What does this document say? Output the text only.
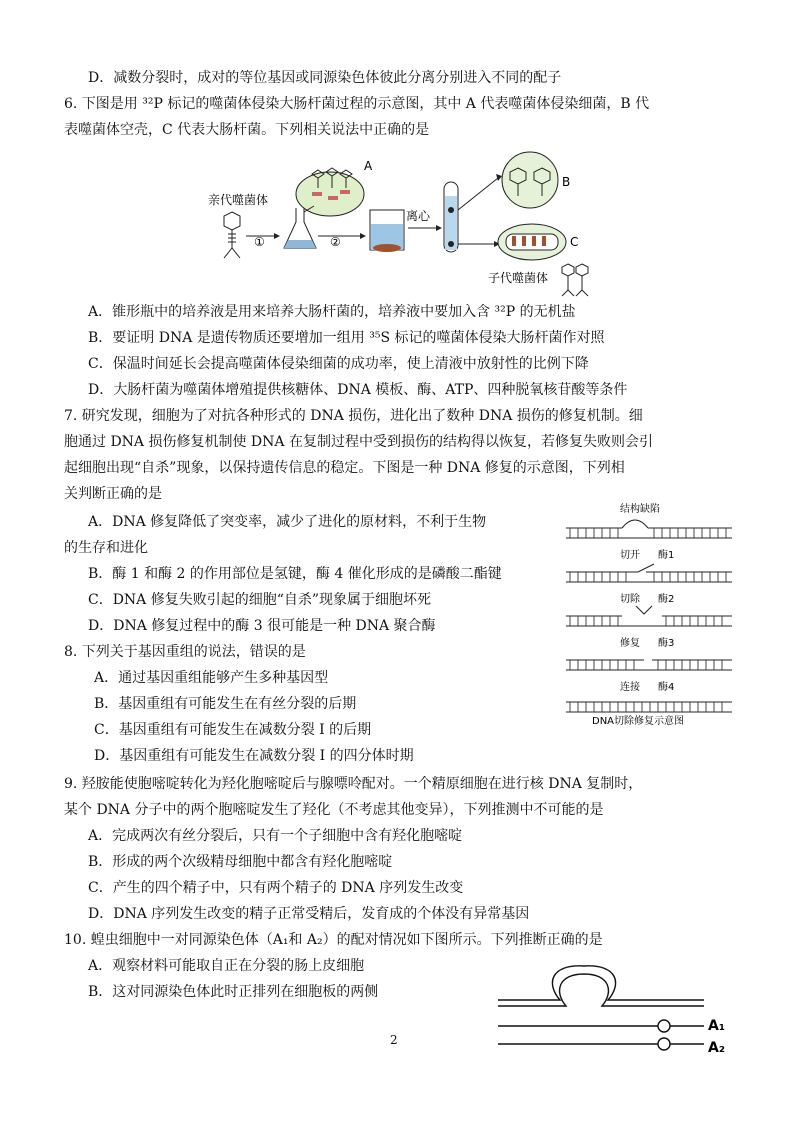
D．减数分裂时，成对的等位基因或同源染色体彼此分离分别进入不同的配子
6. 下图是用 ³²P 标记的噬菌体侵染大肠杆菌过程的示意图，其中 A 代表噬菌体侵染细菌，B 代
表噬菌体空壳，C 代表大肠杆菌。下列相关说法中正确的是
亲代噬菌体
①
A
②
离心
B
C
子代噬菌体
A．锥形瓶中的培养液是用来培养大肠杆菌的，培养液中要加入含 ³²P 的无机盐
B．要证明 DNA 是遗传物质还要增加一组用 ³⁵S 标记的噬菌体侵染大肠杆菌作对照
C．保温时间延长会提高噬菌体侵染细菌的成功率，使上清液中放射性的比例下降
D．大肠杆菌为噬菌体增殖提供核糖体、DNA 模板、酶、ATP、四种脱氧核苷酸等条件
7. 研究发现，细胞为了对抗各种形式的 DNA 损伤，进化出了数种 DNA 损伤的修复机制。细
胞通过 DNA 损伤修复机制使 DNA 在复制过程中受到损伤的结构得以恢复，若修复失败则会引
起细胞出现“自杀”现象，以保持遗传信息的稳定。下图是一种 DNA 修复的示意图，下列相
关判断正确的是
A．DNA 修复降低了突变率，减少了进化的原材料，不利于生物
的生存和进化
B．酶 1 和酶 2 的作用部位是氢键，酶 4 催化形成的是磷酸二酯键
C．DNA 修复失败引起的细胞“自杀”现象属于细胞坏死
D．DNA 修复过程中的酶 3 很可能是一种 DNA 聚合酶
结构缺陷
切开 酶1
切除 酶2
修复 酶3
连接 酶4
DNA切除修复示意图
8. 下列关于基因重组的说法，错误的是
A．通过基因重组能够产生多种基因型
B．基因重组有可能发生在有丝分裂的后期
C．基因重组有可能发生在减数分裂 I 的后期
D．基因重组有可能发生在减数分裂 I 的四分体时期
9. 羟胺能使胞嘧啶转化为羟化胞嘧啶后与腺嘌呤配对。一个精原细胞在进行核 DNA 复制时，
某个 DNA 分子中的两个胞嘧啶发生了羟化（不考虑其他变异），下列推测中不可能的是
A．完成两次有丝分裂后，只有一个子细胞中含有羟化胞嘧啶
B．形成的两个次级精母细胞中都含有羟化胞嘧啶
C．产生的四个精子中，只有两个精子的 DNA 序列发生改变
D．DNA 序列发生改变的精子正常受精后，发育成的个体没有异常基因
10. 蝗虫细胞中一对同源染色体（A₁和 A₂）的配对情况如下图所示。下列推断正确的是
A．观察材料可能取自正在分裂的肠上皮细胞
B．这对同源染色体此时正排列在细胞板的两侧
A₁
A₂
2
